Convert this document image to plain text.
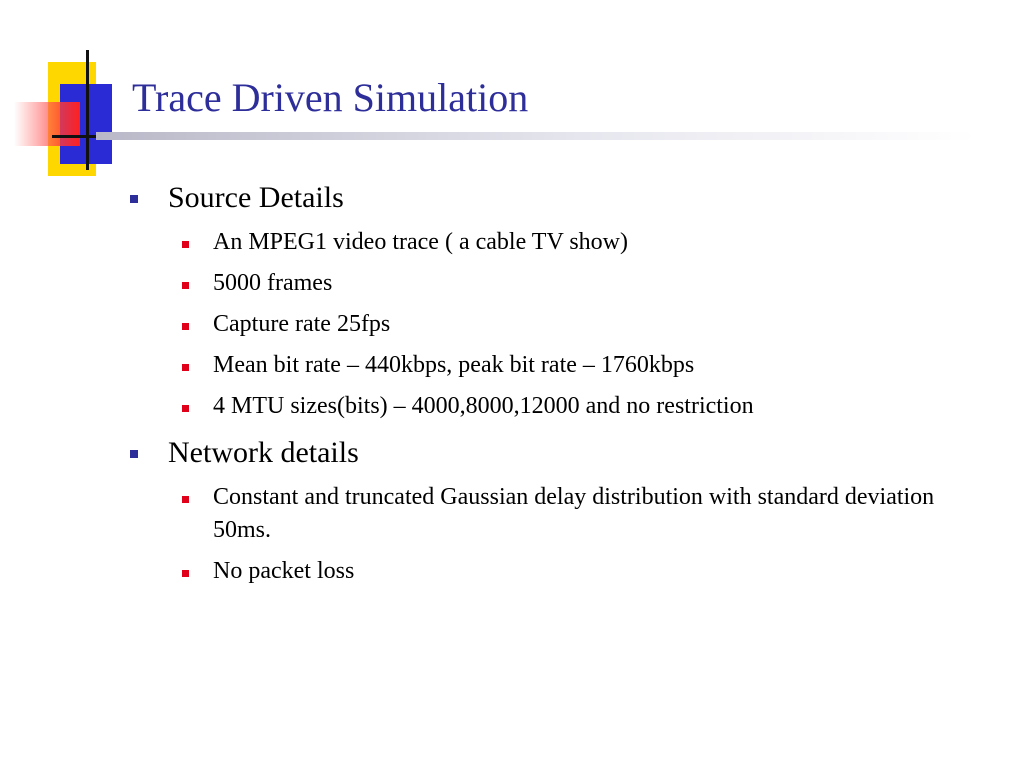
Trace Driven Simulation
Source Details
An MPEG1 video trace ( a cable TV show)
5000 frames
Capture rate 25fps
Mean bit rate – 440kbps, peak bit rate – 1760kbps
4 MTU sizes(bits) – 4000,8000,12000 and no restriction
Network details
Constant and truncated Gaussian delay distribution with standard deviation 50ms.
No packet loss
